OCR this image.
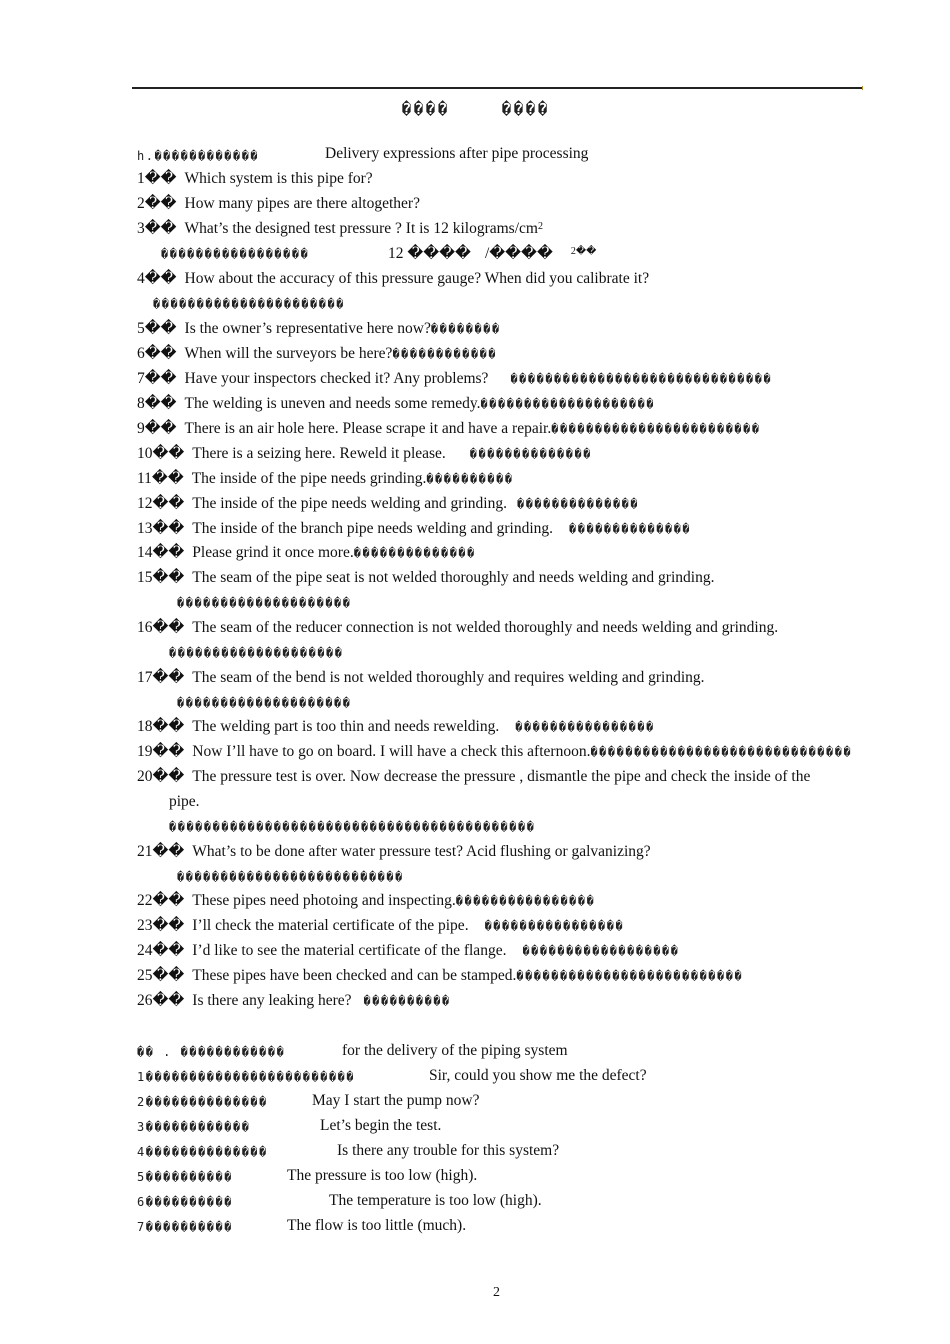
����	����
һ.������������	Delivery expressions after pipe processing
1�� Which system is this pipe for?
2�� How many pipes are there altogether?
3�� What’s the designed test pressure ? It is 12 kilograms/$cm^2$
�����������������	12 ���� /���� $^{2��}$
4�� How about the accuracy of this pressure gauge? When did you calibrate it?
����������������������
5�� Is the owner’s representative here now?��������
6�� When will the surveyors be here?������������
7�� Have your inspectors checked it? Any problems? ������������������������������
8�� The welding is uneven and needs some remedy.��������������������
9�� There is an air hole here. Please scrape it and have a repair.������������������������
10�� There is a seizing here. Reweld it please. ��������������
11�� The inside of the pipe needs grinding.����������
12�� The inside of the pipe needs welding and grinding. ��������������
13�� The inside of the branch pipe needs welding and grinding. ��������������
14�� Please grind it once more.��������������
15�� The seam of the pipe seat is not welded thoroughly and needs welding and grinding.
��������������������
16�� The seam of the reducer connection is not welded thoroughly and needs welding and grinding.
��������������������
17�� The seam of the bend is not welded thoroughly and requires welding and grinding.
��������������������
18�� The welding part is too thin and needs rewelding. ����������������
19�� Now I’ll have to go on board. I will have a check this afternoon.������������������������������
20�� The pressure test is over. Now decrease the pressure , dismantle the pipe and check the inside of the
pipe.
������������������������������������������
21�� What’s to be done after water pressure test? Acid flushing or galvanizing?
��������������������������
22�� These pipes need photoing and inspecting.����������������
23�� I’ll check the material certificate of the pipe. ����������������
24�� I’d like to see the material certificate of the flange. ������������������
25�� These pipes have been checked and can be stamped.��������������������������
26�� Is there any leaking here? ����������
�� . ������������	for the delivery of the piping system
1������������������������	Sir, could you show me the defect?
2��������������	May I start the pump now?
3������������	Let’s begin the test.
4��������������	Is there any trouble for this system?
5����������	The pressure is too low (high).
6����������	The temperature is too low (high).
7����������	The flow is too little (much).
2
